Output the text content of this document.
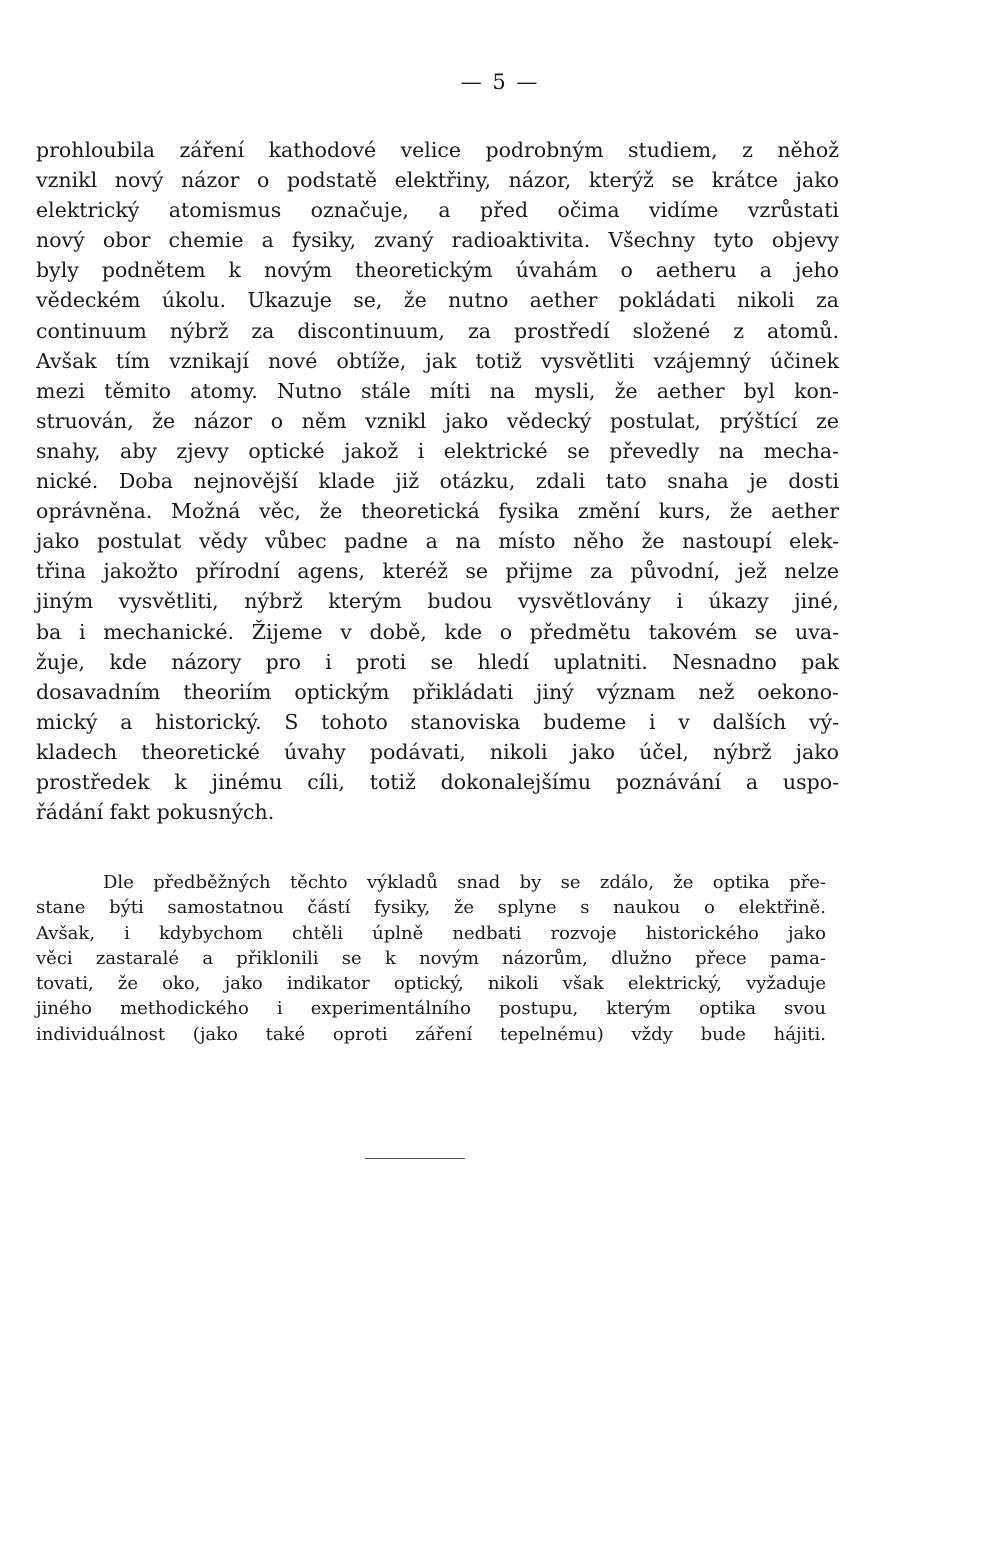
— 5 —
prohloubila záření kathodové velice podrobným studiem, z něhož
vznikl nový názor o podstatě elektřiny, názor, kterýž se krátce jako
elektrický atomismus označuje, a před očima vidíme vzrůstati
nový obor chemie a fysiky, zvaný radioaktivita. Všechny tyto objevy
byly podnětem k novým theoretickým úvahám o aetheru a jeho
vědeckém úkolu. Ukazuje se, že nutno aether pokládati nikoli za
continuum nýbrž za discontinuum, za prostředí složené z atomů.
Avšak tím vznikají nové obtíže, jak totiž vysvětliti vzájemný účinek
mezi těmito atomy. Nutno stále míti na mysli, že aether byl kon-
struován, že názor o něm vznikl jako vědecký postulat, prýštící ze
snahy, aby zjevy optické jakož i elektrické se převedly na mecha-
nické. Doba nejnovější klade již otázku, zdali tato snaha je dosti
oprávněna. Možná věc, že theoretická fysika změní kurs, že aether
jako postulat vědy vůbec padne a na místo něho že nastoupí elek-
třina jakožto přírodní agens, kteréž se přijme za původní, jež nelze
jiným vysvětliti, nýbrž kterým budou vysvětlovány i úkazy jiné,
ba i mechanické. Žijeme v době, kde o předmětu takovém se uva-
žuje, kde názory pro i proti se hledí uplatniti. Nesnadno pak
dosavadním theoriím optickým přikládati jiný význam než oekono-
mický a historický. S tohoto stanoviska budeme i v dalších vý-
kladech theoretické úvahy podávati, nikoli jako účel, nýbrž jako
prostředek k jinému cíli, totiž dokonalejšímu poznávání a uspo-
řádání fakt pokusných.
Dle předběžných těchto výkladů snad by se zdálo, že optika pře-
stane býti samostatnou částí fysiky, že splyne s naukou o elektřině.
Avšak, i kdybychom chtěli úplně nedbati rozvoje historického jako
věci zastaralé a přiklonili se k novým názorům, dlužno přece pama-
tovati, že oko, jako indikator optický, nikoli však elektrický, vyžaduje
jiného methodického i experimentálního postupu, kterým optika svou
individuálnost (jako také oproti záření tepelnému) vždy bude hájiti.
